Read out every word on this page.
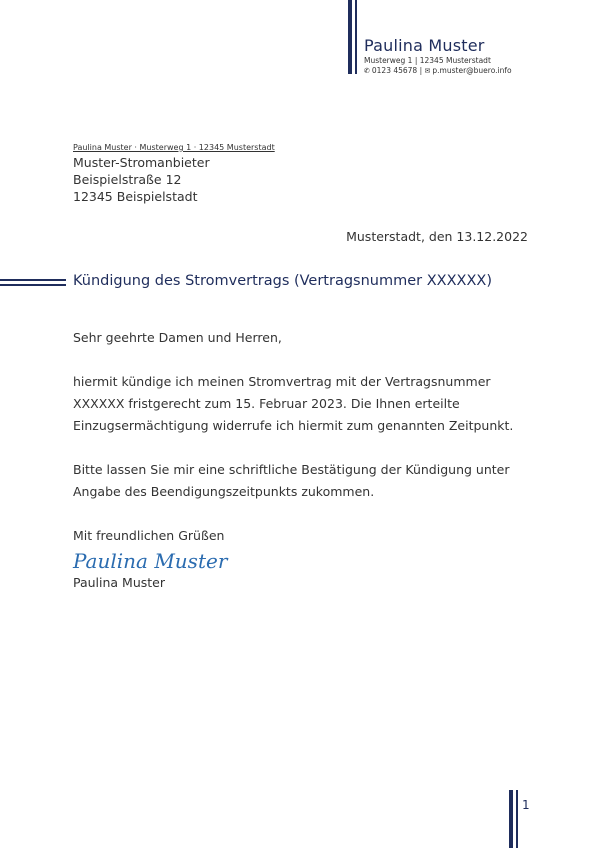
Paulina Muster
Musterweg 1 | 12345 Musterstadt
✆ 0123 45678 | ✉ p.muster@buero.info
Paulina Muster · Musterweg 1 · 12345 Musterstadt
Muster-Stromanbieter
Beispielstraße 12
12345 Beispielstadt
Musterstadt, den 13.12.2022
Kündigung des Stromvertrags (Vertragsnummer XXXXXX)
Sehr geehrte Damen und Herren,
hiermit kündige ich meinen Stromvertrag mit der Vertragsnummer XXXXXX fristgerecht zum 15. Februar 2023. Die Ihnen erteilte Einzugsermächtigung widerrufe ich hiermit zum genannten Zeitpunkt.
Bitte lassen Sie mir eine schriftliche Bestätigung der Kündigung unter Angabe des Beendigungszeitpunkts zukommen.
Mit freundlichen Grüßen
Paulina Muster
Paulina Muster
1
